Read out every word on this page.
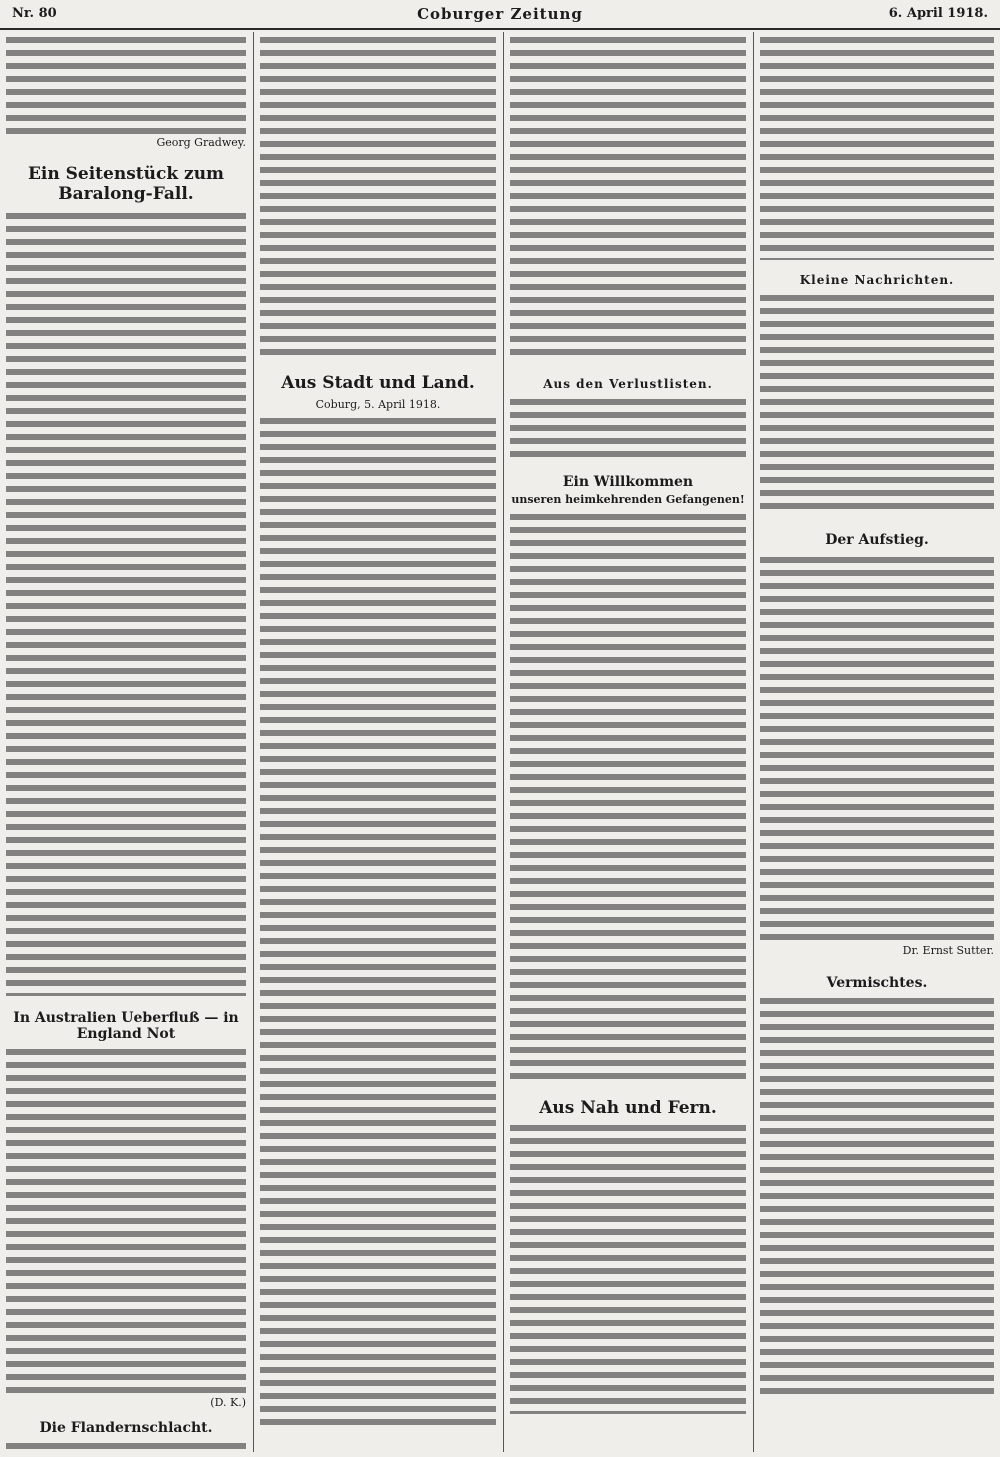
Nr. 80	Coburger Zeitung	6. April 1918.
Georg Gradwey.
Ein Seitenstück zum Baralong-Fall.
In Australien Ueberfluß — in England Not
(D. K.)
Die Flandernschlacht.
Aus Stadt und Land.
Coburg, 5. April 1918.
Aus den Verlustlisten.
Ein Willkommen
unseren heimkehrenden Gefangenen!
Aus Nah und Fern.
Kleine Nachrichten.
Der Aufstieg.
Dr. Ernst Sutter.
Vermischtes.
